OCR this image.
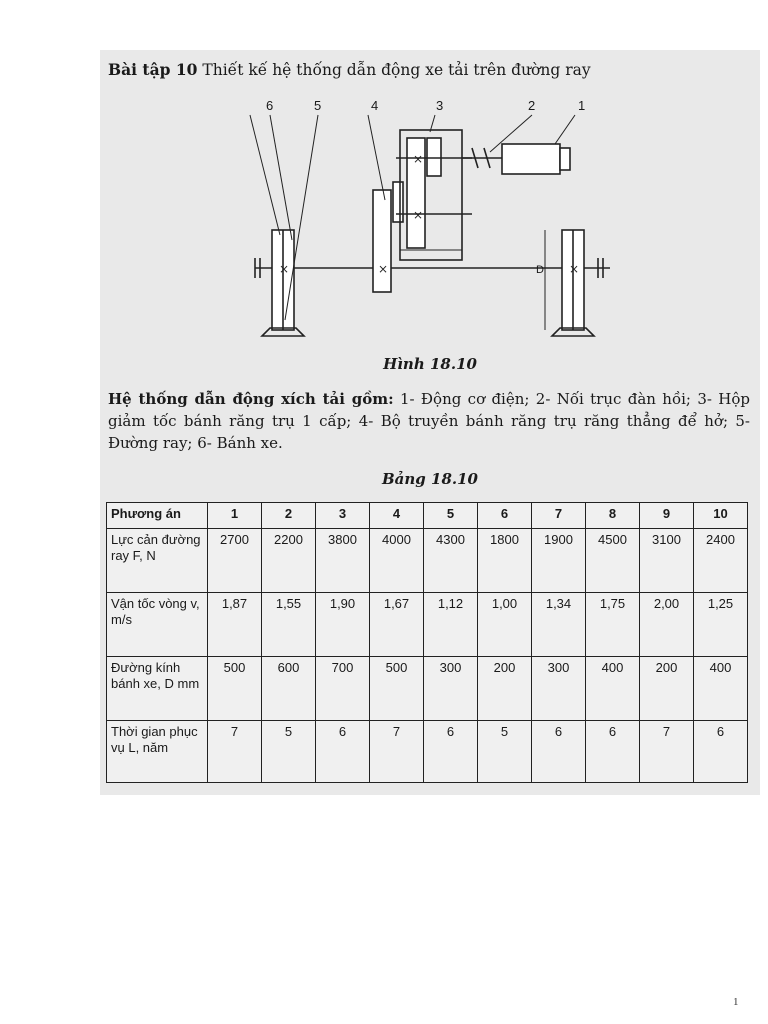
Bài tập 10 Thiết kế hệ thống dẫn động xe tải trên đường ray
×	×
×
×
×
6	5	4	3	2	1
D
Hình 18.10
Hệ thống dẫn động xích tải gồm: 1- Động cơ điện; 2- Nối trục đàn hồi; 3- Hộp giảm tốc bánh răng trụ 1 cấp; 4- Bộ truyền bánh răng trụ răng thẳng để hở; 5- Đường ray; 6- Bánh xe.
Bảng 18.10
Phương án	1	2	3	4	5	6	7	8	9	10
Lực cản đường ray F, N	2700	2200	3800	4000	4300	1800	1900	4500	3100	2400
Vận tốc vòng v, m/s	1,87	1,55	1,90	1,67	1,12	1,00	1,34	1,75	2,00	1,25
Đường kính bánh xe, D mm	500	600	700	500	300	200	300	400	200	400
Thời gian phục vụ L, năm	7	5	6	7	6	5	6	6	7	6
1
